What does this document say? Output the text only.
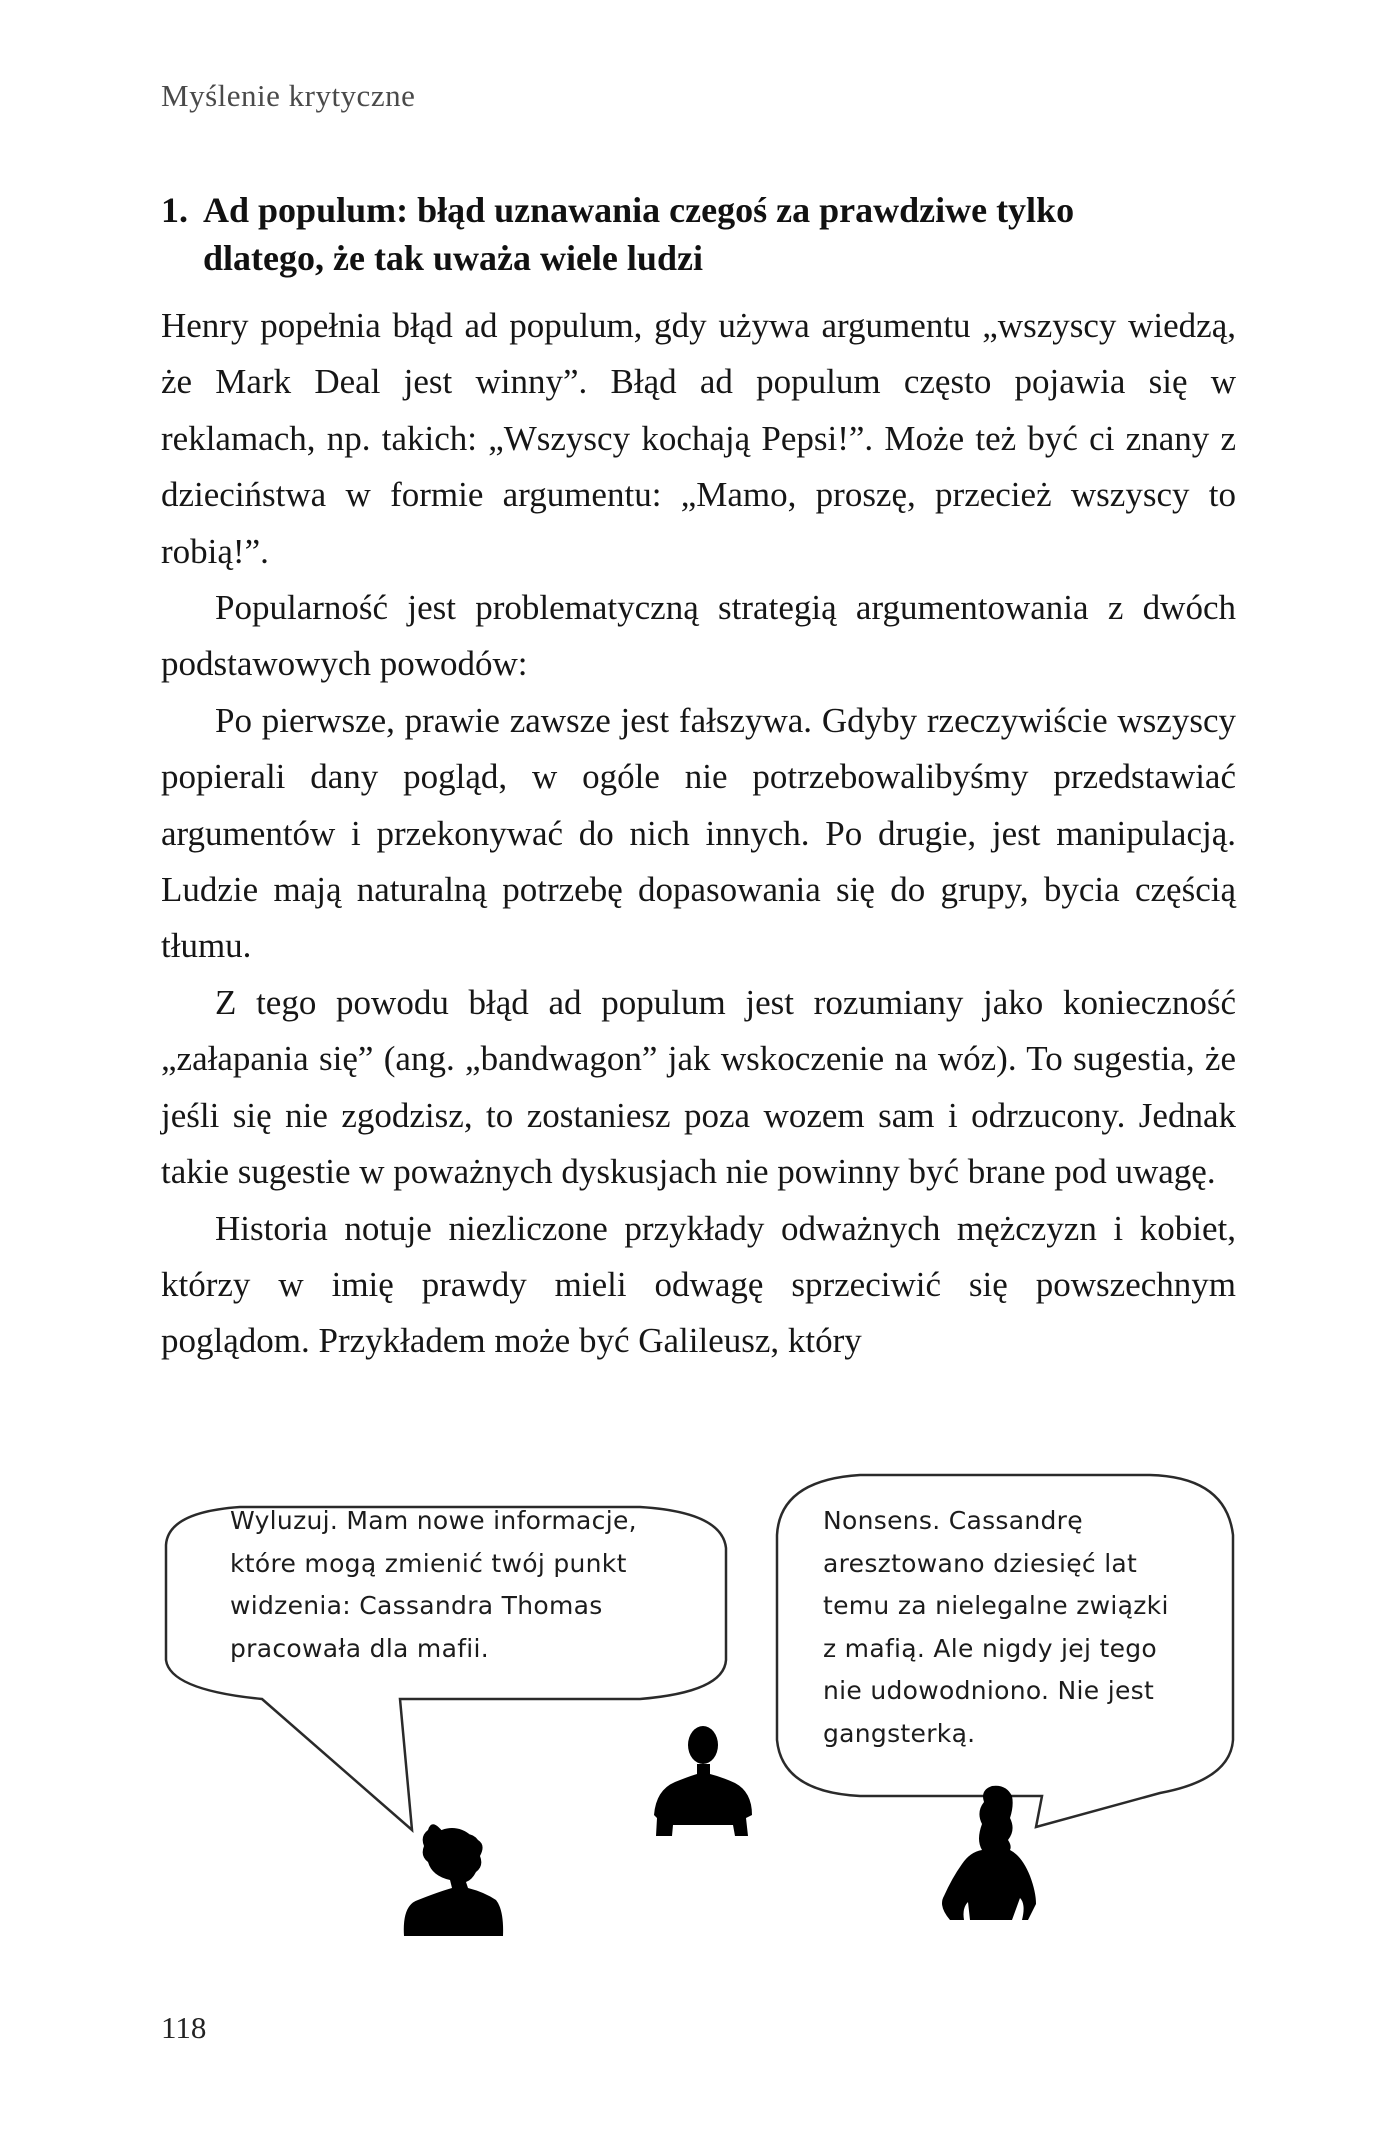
Myślenie krytyczne
1. Ad populum: błąd uznawania czegoś za prawdziwe tylko
dlatego, że tak uważa wiele ludzi

Henry popełnia błąd ad populum, gdy używa argumentu „wszyscy wiedzą, że Mark Deal jest winny”. Błąd ad populum często pojawia się w reklamach, np. takich: „Wszyscy kochają Pepsi!”. Może też być ci znany z dzieciństwa w formie argumentu: „Mamo, proszę, przecież wszyscy to robią!”.

Popularność jest problematyczną strategią argumentowania z dwóch podstawowych powodów:

Po pierwsze, prawie zawsze jest fałszywa. Gdyby rzeczywiście wszyscy popierali dany pogląd, w ogóle nie potrzebowalibyśmy przedstawiać argumentów i przekonywać do nich innych. Po drugie, jest manipulacją. Ludzie mają naturalną potrzebę dopasowania się do grupy, bycia częścią tłumu.

Z tego powodu błąd ad populum jest rozumiany jako konieczność „załapania się” (ang. „bandwagon” jak wskoczenie na wóz). To sugestia, że jeśli się nie zgodzisz, to zostaniesz poza wozem sam i odrzucony. Jednak takie sugestie w poważnych dyskusjach nie powinny być brane pod uwagę.

Historia notuje niezliczone przykłady odważnych mężczyzn i kobiet, którzy w imię prawdy mieli odwagę sprzeciwić się powszechnym poglądom. Przykładem może być Galileusz, który

Wyluzuj. Mam nowe informacje,
które mogą zmienić twój punkt
widzenia: Cassandra Thomas
pracowała dla mafii.
Nonsens. Cassandrę
aresztowano dziesięć lat
temu za nielegalne związki
z mafią. Ale nigdy jej tego
nie udowodniono. Nie jest
gangsterką.
118
